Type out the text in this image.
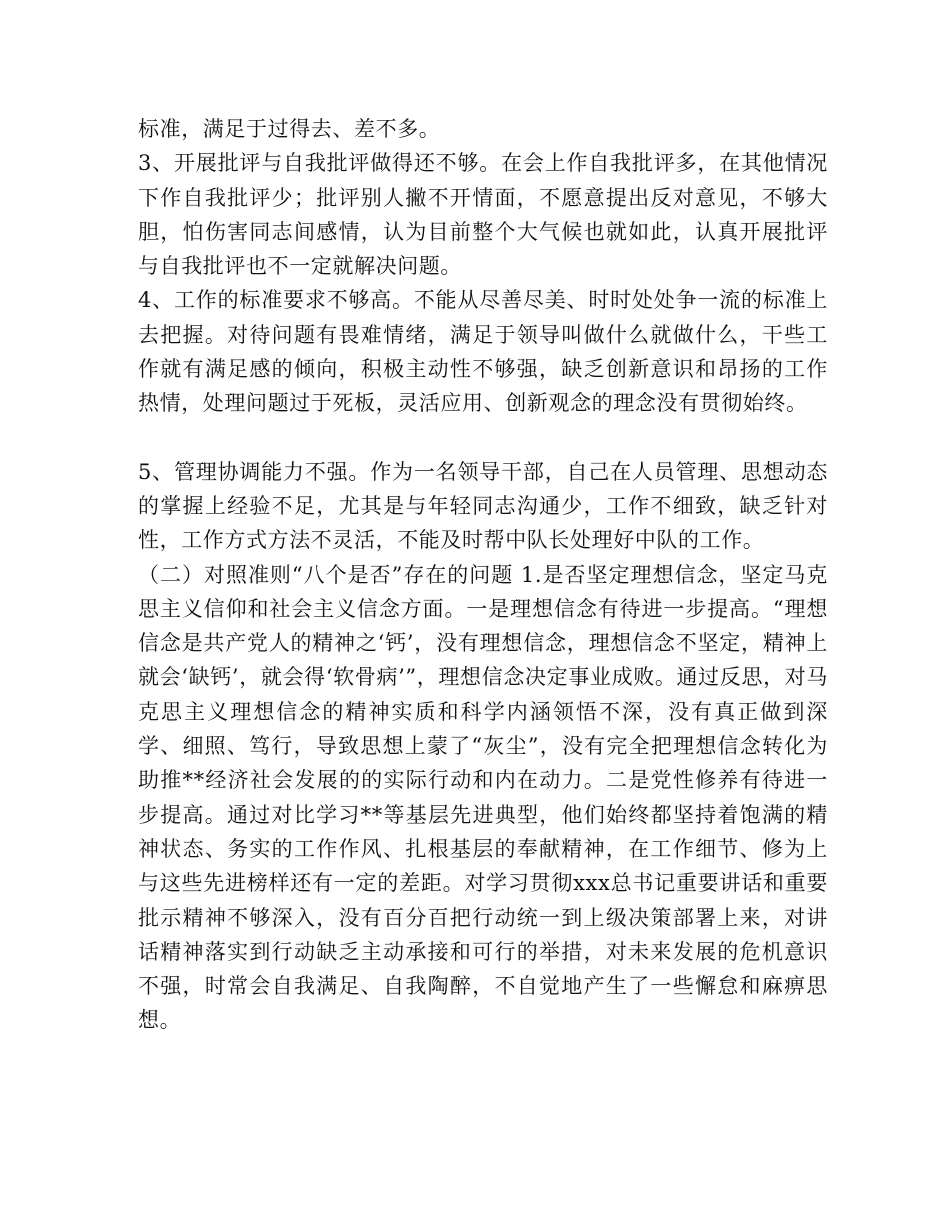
标准，满足于过得去、差不多。

3、开展批评与自我批评做得还不够。在会上作自我批评多，在其他情况下作自我批评少；批评别人撇不开情面，不愿意提出反对意见，不够大胆，怕伤害同志间感情，认为目前整个大气候也就如此，认真开展批评与自我批评也不一定就解决问题。

4、工作的标准要求不够高。不能从尽善尽美、时时处处争一流的标准上去把握。对待问题有畏难情绪，满足于领导叫做什么就做什么，干些工作就有满足感的倾向，积极主动性不够强，缺乏创新意识和昂扬的工作热情，处理问题过于死板，灵活应用、创新观念的理念没有贯彻始终。

5、管理协调能力不强。作为一名领导干部，自己在人员管理、思想动态的掌握上经验不足，尤其是与年轻同志沟通少，工作不细致，缺乏针对性，工作方式方法不灵活，不能及时帮中队长处理好中队的工作。

（二）对照准则“八个是否”存在的问题 1.是否坚定理想信念，坚定马克思主义信仰和社会主义信念方面。一是理想信念有待进一步提高。“理想信念是共产党人的精神之‘钙’，没有理想信念，理想信念不坚定，精神上就会‘缺钙’，就会得‘软骨病’”，理想信念决定事业成败。通过反思，对马克思主义理想信念的精神实质和科学内涵领悟不深，没有真正做到深学、细照、笃行，导致思想上蒙了“灰尘”，没有完全把理想信念转化为助推**经济社会发展的的实际行动和内在动力。二是党性修养有待进一步提高。通过对比学习**等基层先进典型，他们始终都坚持着饱满的精神状态、务实的工作作风、扎根基层的奉献精神，在工作细节、修为上与这些先进榜样还有一定的差距。对学习贯彻xxx总书记重要讲话和重要批示精神不够深入，没有百分百把行动统一到上级决策部署上来，对讲话精神落实到行动缺乏主动承接和可行的举措，对未来发展的危机意识不强，时常会自我满足、自我陶醉，不自觉地产生了一些懈怠和麻痹思想。
